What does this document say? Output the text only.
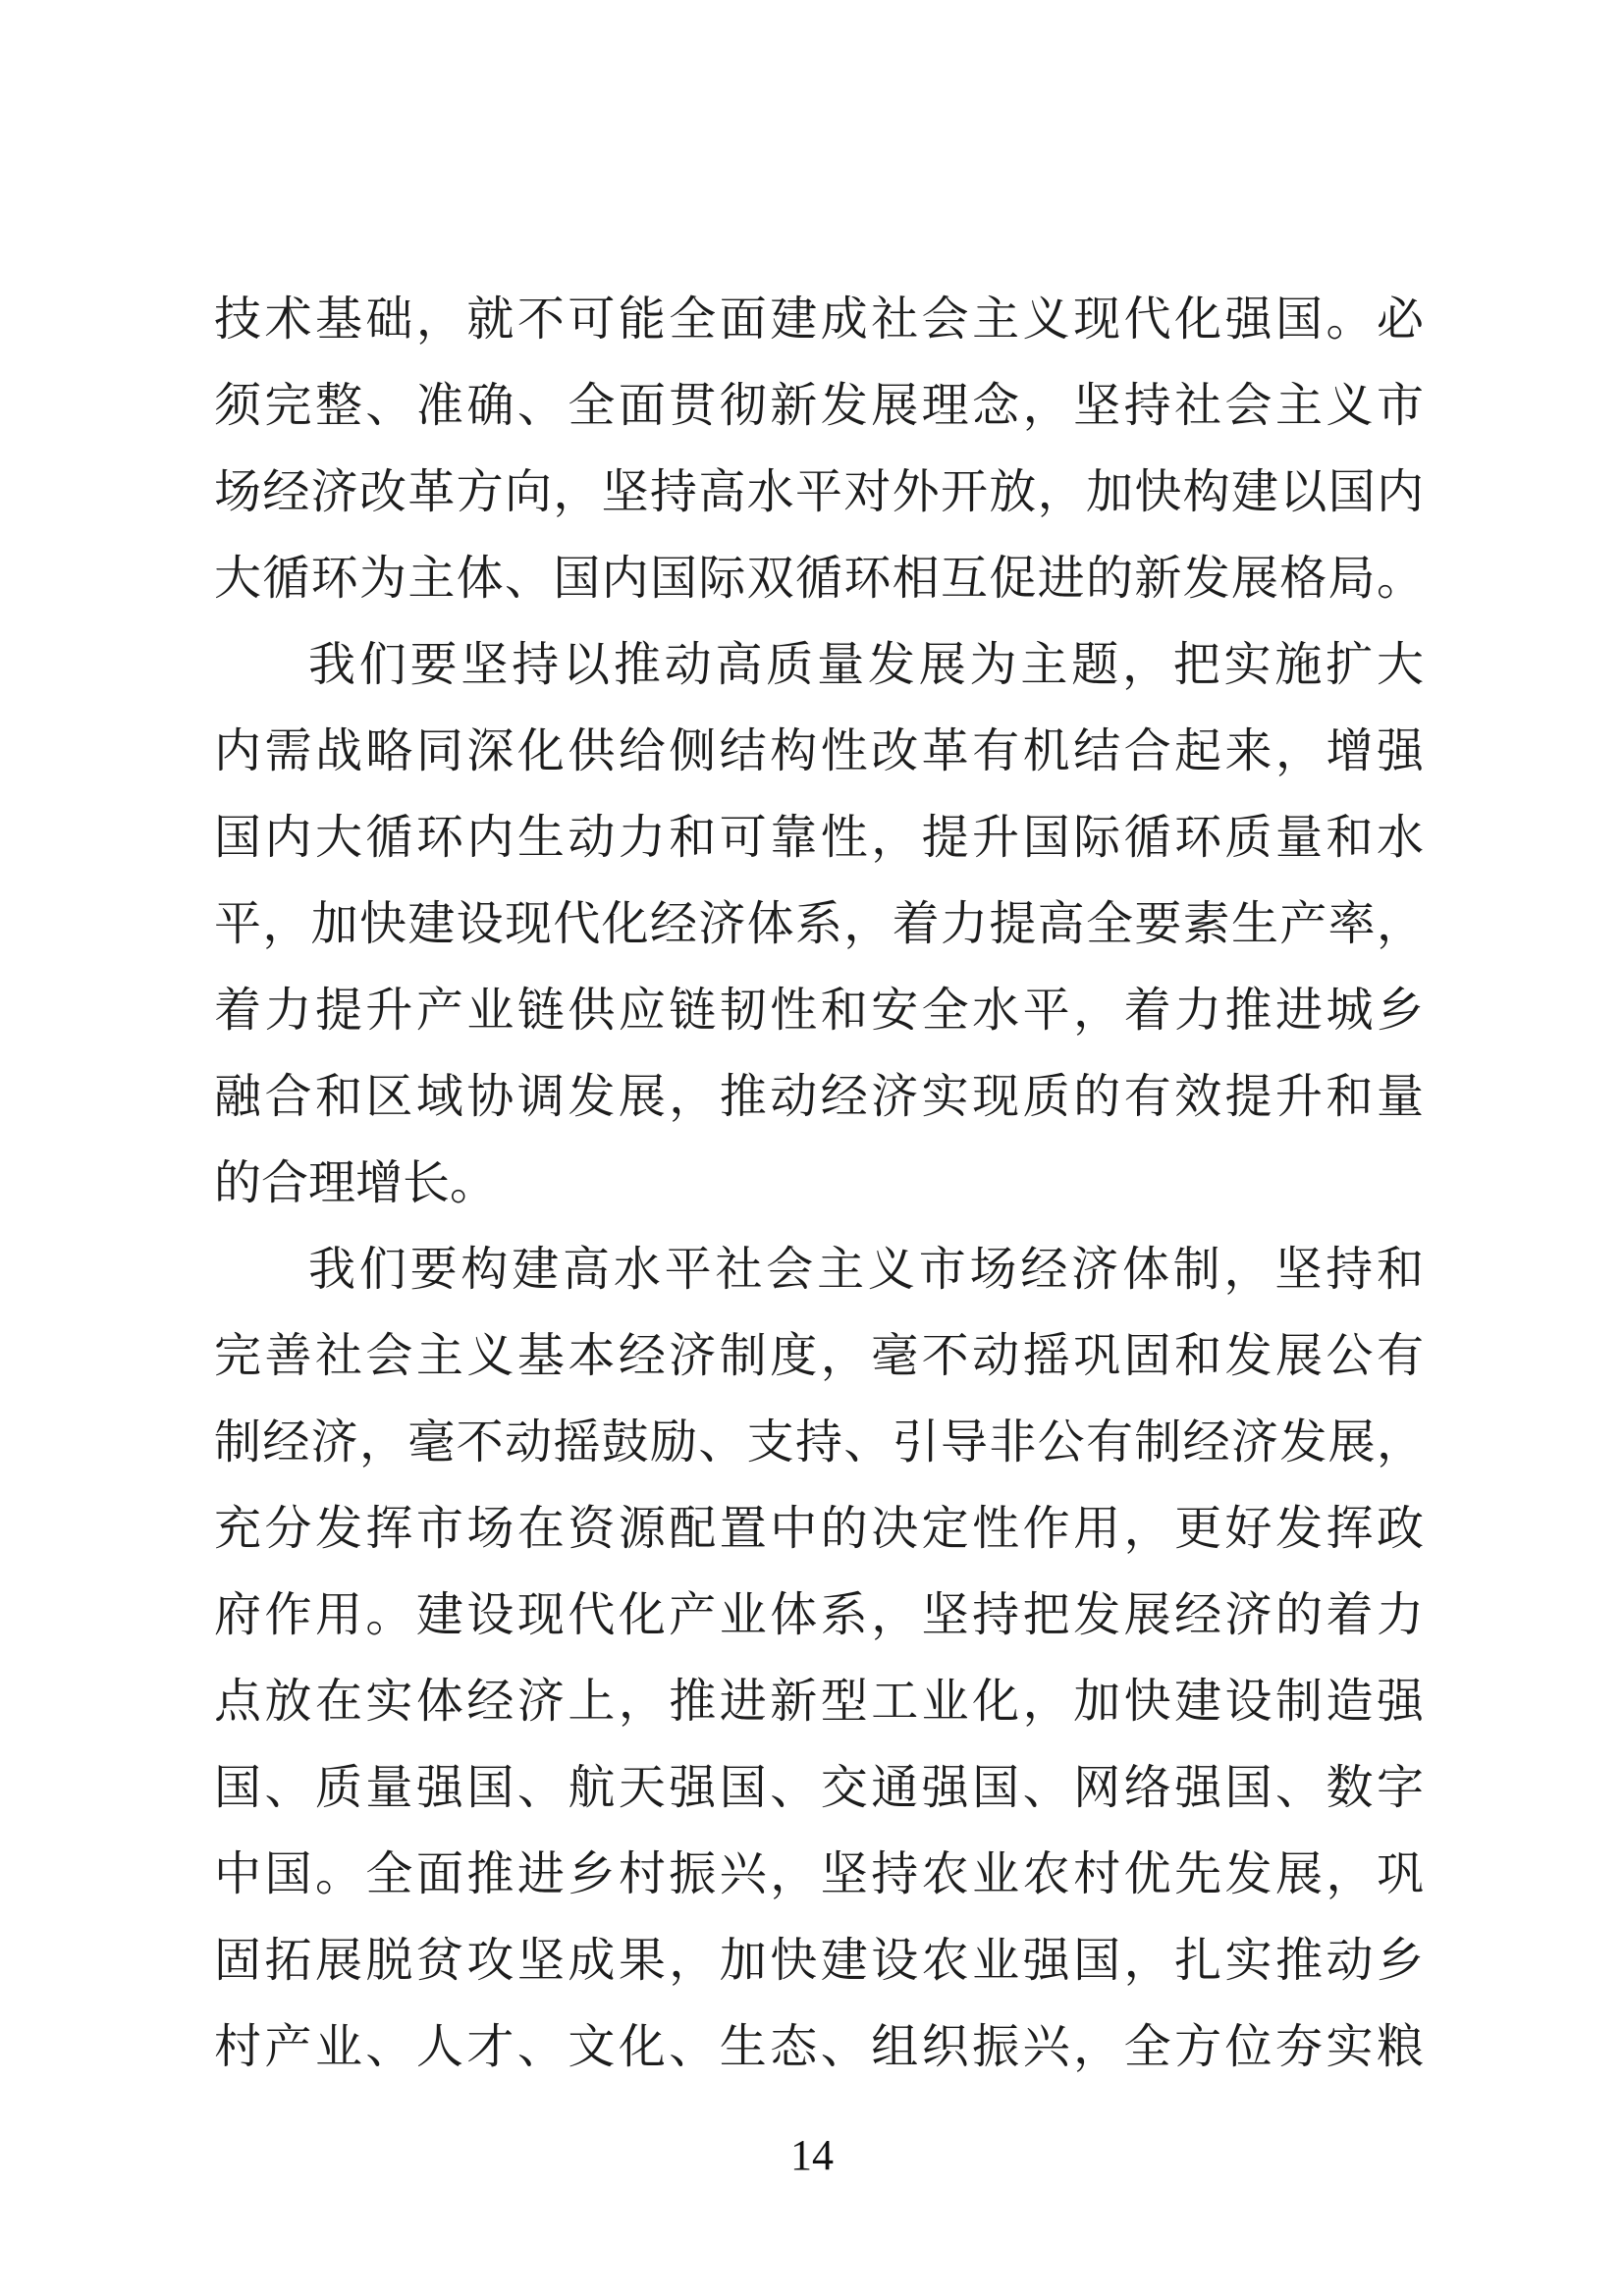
技术基础，就不可能全面建成社会主义现代化强国。必
须完整、准确、全面贯彻新发展理念，坚持社会主义市
场经济改革方向，坚持高水平对外开放，加快构建以国内
大循环为主体、国内国际双循环相互促进的新发展格局。
我们要坚持以推动高质量发展为主题，把实施扩大
内需战略同深化供给侧结构性改革有机结合起来，增强
国内大循环内生动力和可靠性，提升国际循环质量和水
平，加快建设现代化经济体系，着力提高全要素生产率，
着力提升产业链供应链韧性和安全水平，着力推进城乡
融合和区域协调发展，推动经济实现质的有效提升和量
的合理增长。
我们要构建高水平社会主义市场经济体制，坚持和
完善社会主义基本经济制度，毫不动摇巩固和发展公有
制经济，毫不动摇鼓励、支持、引导非公有制经济发展，
充分发挥市场在资源配置中的决定性作用，更好发挥政
府作用。建设现代化产业体系，坚持把发展经济的着力
点放在实体经济上，推进新型工业化，加快建设制造强
国、质量强国、航天强国、交通强国、网络强国、数字
中国。全面推进乡村振兴，坚持农业农村优先发展，巩
固拓展脱贫攻坚成果，加快建设农业强国，扎实推动乡
村产业、人才、文化、生态、组织振兴，全方位夯实粮
14
